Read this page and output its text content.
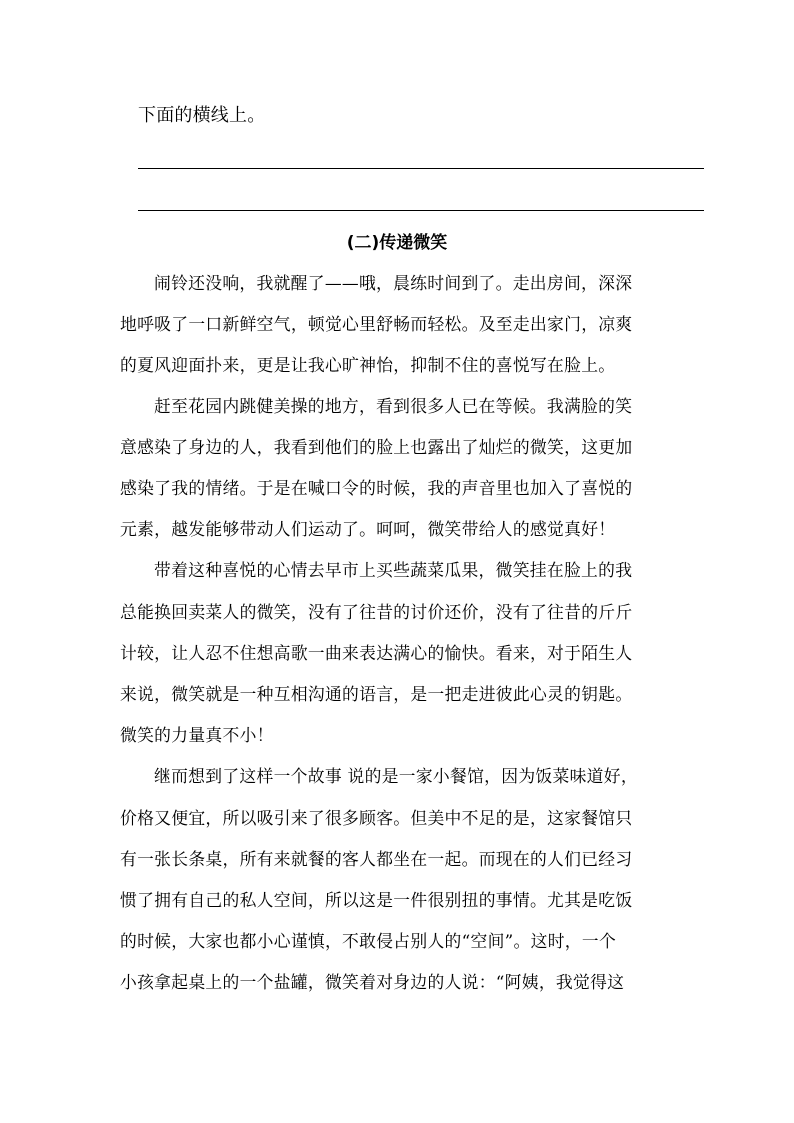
下面的横线上。
(二)传递微笑
闹铃还没响，我就醒了——哦，晨练时间到了。走出房间，深深
地呼吸了一口新鲜空气，顿觉心里舒畅而轻松。及至走出家门，凉爽
的夏风迎面扑来，更是让我心旷神怡，抑制不住的喜悦写在脸上。
赶至花园内跳健美操的地方，看到很多人已在等候。我满脸的笑
意感染了身边的人，我看到他们的脸上也露出了灿烂的微笑，这更加
感染了我的情绪。于是在喊口令的时候，我的声音里也加入了喜悦的
元素，越发能够带动人们运动了。呵呵，微笑带给人的感觉真好！
带着这种喜悦的心情去早市上买些蔬菜瓜果，微笑挂在脸上的我
总能换回卖菜人的微笑，没有了往昔的讨价还价，没有了往昔的斤斤
计较，让人忍不住想高歌一曲来表达满心的愉快。看来，对于陌生人
来说，微笑就是一种互相沟通的语言，是一把走进彼此心灵的钥匙。
微笑的力量真不小！
继而想到了这样一个故事 说的是一家小餐馆，因为饭菜味道好，
价格又便宜，所以吸引来了很多顾客。但美中不足的是，这家餐馆只
有一张长条桌，所有来就餐的客人都坐在一起。而现在的人们已经习
惯了拥有自己的私人空间，所以这是一件很别扭的事情。尤其是吃饭
的时候，大家也都小心谨慎，不敢侵占别人的“空间”。这时，一个
小孩拿起桌上的一个盐罐，微笑着对身边的人说：“阿姨，我觉得这
